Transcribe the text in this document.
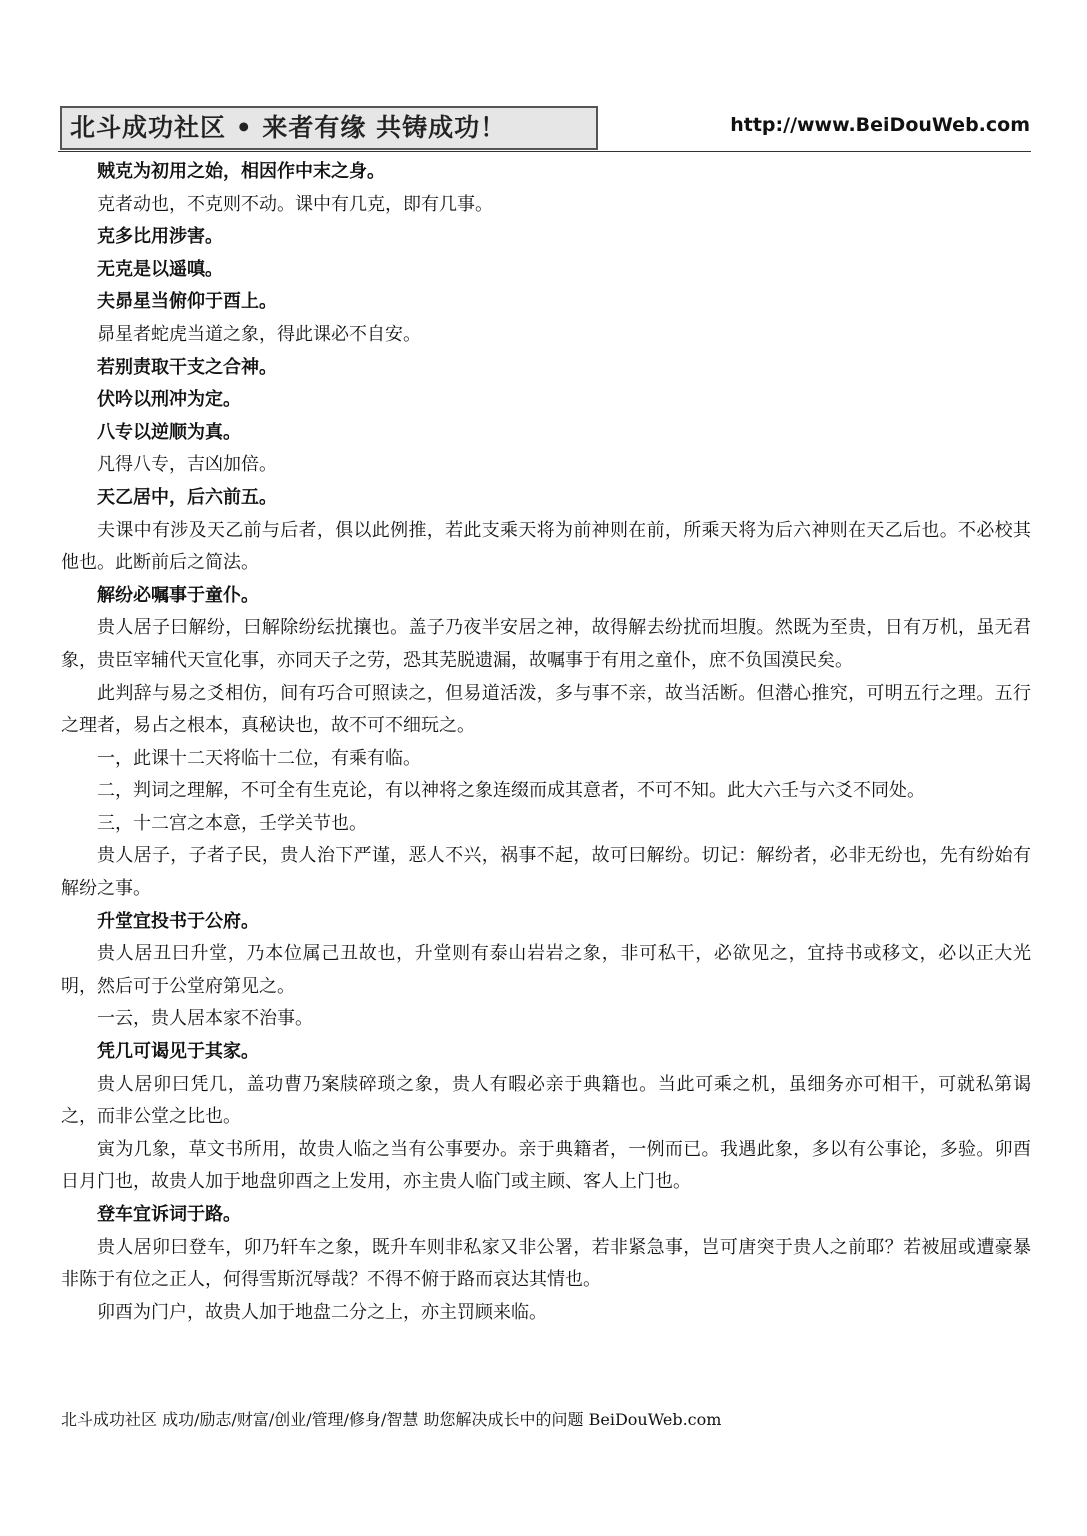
北斗成功社区 • 来者有缘 共铸成功！	http://www.BeiDouWeb.com

贼克为初用之始，相因作中末之身。

克者动也，不克则不动。课中有几克，即有几事。

克多比用涉害。

无克是以遥嗔。

夫昴星当俯仰于酉上。

昴星者蛇虎当道之象，得此课必不自安。

若别责取干支之合神。

伏吟以刑冲为定。

八专以逆顺为真。

凡得八专，吉凶加倍。

天乙居中，后六前五。

夫课中有涉及天乙前与后者，俱以此例推，若此支乘天将为前神则在前，所乘天将为后六神则在天乙后也。不必校其他也。此断前后之简法。

解纷必嘱事于童仆。

贵人居子曰解纷，曰解除纷纭扰攘也。盖子乃夜半安居之神，故得解去纷扰而坦腹。然既为至贵，日有万机，虽无君象，贵臣宰辅代天宣化事，亦同天子之劳，恐其芜脱遗漏，故嘱事于有用之童仆，庶不负国漠民矣。

此判辞与易之爻相仿，间有巧合可照读之，但易道活泼，多与事不亲，故当活断。但潜心推究，可明五行之理。五行之理者，易占之根本，真秘诀也，故不可不细玩之。

一，此课十二天将临十二位，有乘有临。

二，判词之理解，不可全有生克论，有以神将之象连缀而成其意者，不可不知。此大六壬与六爻不同处。

三，十二宫之本意，壬学关节也。

贵人居子，子者子民，贵人治下严谨，恶人不兴，祸事不起，故可曰解纷。切记：解纷者，必非无纷也，先有纷始有解纷之事。

升堂宜投书于公府。

贵人居丑曰升堂，乃本位属己丑故也，升堂则有泰山岩岩之象，非可私干，必欲见之，宜持书或移文，必以正大光明，然后可于公堂府第见之。

一云，贵人居本家不治事。

凭几可谒见于其家。

贵人居卯曰凭几，盖功曹乃案牍碎琐之象，贵人有暇必亲于典籍也。当此可乘之机，虽细务亦可相干，可就私第谒之，而非公堂之比也。

寅为几象，草文书所用，故贵人临之当有公事要办。亲于典籍者，一例而已。我遇此象，多以有公事论，多验。卯酉日月门也，故贵人加于地盘卯酉之上发用，亦主贵人临门或主顾、客人上门也。

登车宜诉词于路。

贵人居卯曰登车，卯乃轩车之象，既升车则非私家又非公署，若非紧急事，岂可唐突于贵人之前耶？若被屈或遭豪暴非陈于有位之正人，何得雪斯沉辱哉？不得不俯于路而哀达其情也。

卯酉为门户，故贵人加于地盘二分之上，亦主罚顾来临。

北斗成功社区 成功/励志/财富/创业/管理/修身/智慧 助您解决成长中的问题 BeiDouWeb.com
